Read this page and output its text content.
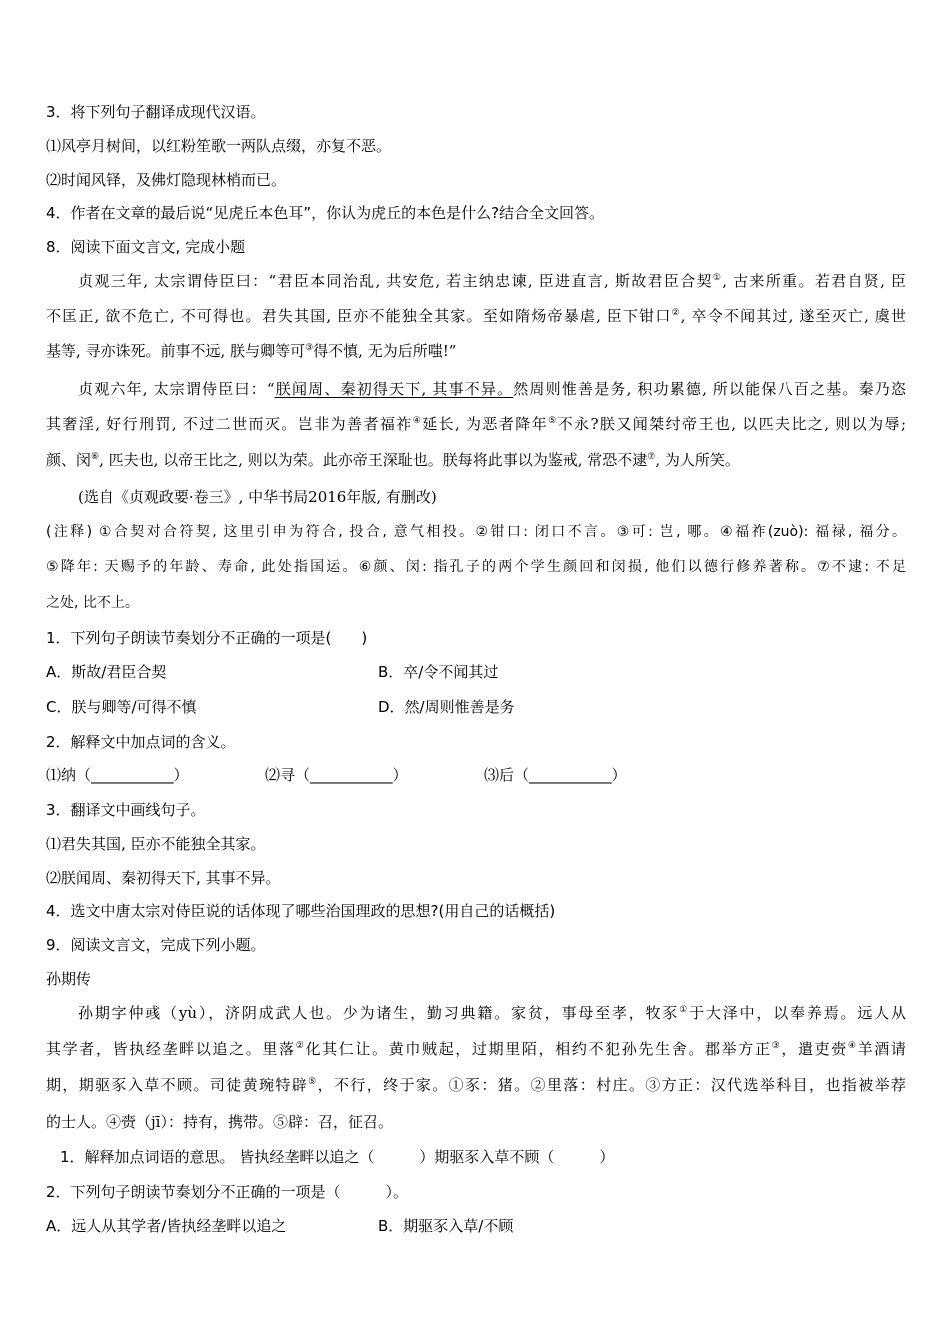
3．将下列句子翻译成现代汉语。
⑴风亭月树间，以红粉笙歌一两队点缀，亦复不恶。
⑵时闻风铎，及佛灯隐现林梢而已。
4．作者在文章的最后说“见虎丘本色耳”，你认为虎丘的本色是什么?结合全文回答。
8．阅读下面文言文, 完成小题
贞观三年, 太宗谓侍臣曰：“君臣本同治乱, 共安危, 若主纳忠谏, 臣进直言, 斯故君臣合契①, 古来所重。若君自贤, 臣
不匡正, 欲不危亡, 不可得也。君失其国, 臣亦不能独全其家。至如隋炀帝暴虐, 臣下钳口②, 卒令不闻其过, 遂至灭亡, 虞世
基等, 寻亦诛死。前事不远, 朕与卿等可③得不慎, 无为后所嗤!”
贞观六年, 太宗谓侍臣曰：“朕闻周、秦初得天下, 其事不异。然周则惟善是务, 积功累德, 所以能保八百之基。秦乃恣
其奢淫, 好行刑罚, 不过二世而灭。岂非为善者福祚④延长, 为恶者降年⑤不永?朕又闻桀纣帝王也, 以匹夫比之, 则以为辱;
颜、闵⑥, 匹夫也, 以帝王比之, 则以为荣。此亦帝王深耻也。朕每将此事以为鉴戒, 常恐不逮⑦, 为人所笑。
(选自《贞观政要·卷三》, 中华书局2016年版, 有删改)
(注释) ①合契对合符契, 这里引申为符合, 投合, 意气相投。②钳口: 闭口不言。③可: 岂, 哪。④福祚(zuò): 福禄, 福分。
⑤降年: 天赐予的年龄、寿命, 此处指国运。⑥颜、闵: 指孔子的两个学生颜回和闵损, 他们以德行修养著称。⑦不逮: 不足
之处, 比不上。
1．下列句子朗读节奏划分不正确的一项是(　　)
A．斯故/君臣合契	B．卒/令不闻其过
C．朕与卿等/可得不慎	D．然/周则惟善是务
2．解释文中加点词的含义。
⑴纳（___________）	⑵寻（___________）	⑶后（___________）
3．翻译文中画线句子。
⑴君失其国, 臣亦不能独全其家。
⑵朕闻周、秦初得天下, 其事不异。
4．选文中唐太宗对侍臣说的话体现了哪些治国理政的思想?(用自己的话概括)
9．阅读文言文，完成下列小题。
孙期传
孙期字仲彧（yù），济阴成武人也。少为诸生，勤习典籍。家贫，事母至孝，牧豕①于大泽中，以奉养焉。远人从
其学者，皆执经垄畔以追之。里落②化其仁让。黄巾贼起，过期里陌，相约不犯孙先生舍。郡举方正③，遣吏赍④羊酒请
期，期驱豕入草不顾。司徒黄琬特辟⑤，不行，终于家。①豕：猪。②里落：村庄。③方正：汉代选举科目，也指被举荐
的士人。④赍（jī）：持有，携带。⑤辟：召，征召。
1．解释加点词语的意思。 皆执经垄畔以追之（　　　）期驱豕入草不顾（　　　）
2．下列句子朗读节奏划分不正确的一项是（　　　）。
A．远人从其学者/皆执经垄畔以追之	B．期驱豕入草/不顾
